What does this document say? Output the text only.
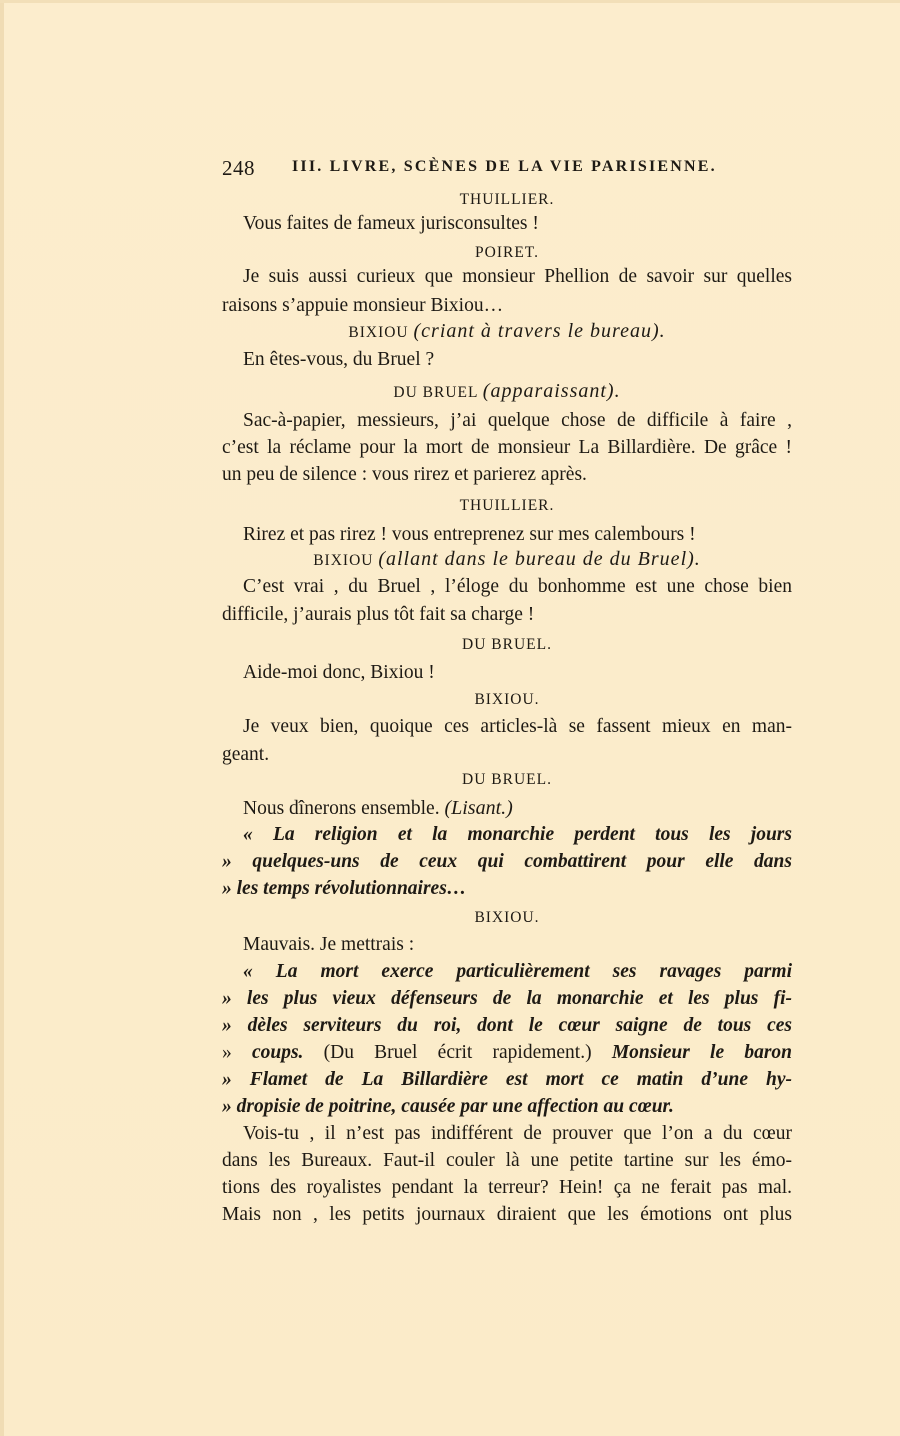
248 III. LIVRE, SCÈNES DE LA VIE PARISIENNE.
THUILLIER.
Vous faites de fameux jurisconsultes !
POIRET.
Je suis aussi curieux que monsieur Phellion de savoir sur quelles
raisons s’appuie monsieur Bixiou…
BIXIOU (criant à travers le bureau).
En êtes-vous, du Bruel ?
DU BRUEL (apparaissant).
Sac-à-papier, messieurs, j’ai quelque chose de difficile à faire ,
c’est la réclame pour la mort de monsieur La Billardière. De grâce !
un peu de silence : vous rirez et parierez après.
THUILLIER.
Rirez et pas rirez ! vous entreprenez sur mes calembours !
BIXIOU (allant dans le bureau de du Bruel).
C’est vrai , du Bruel , l’éloge du bonhomme est une chose bien
difficile, j’aurais plus tôt fait sa charge !
DU BRUEL.
Aide-moi donc, Bixiou !
BIXIOU.
Je veux bien, quoique ces articles-là se fassent mieux en man-
geant.
DU BRUEL.
Nous dînerons ensemble. (Lisant.)
« La religion et la monarchie perdent tous les jours
» quelques-uns de ceux qui combattirent pour elle dans
» les temps révolutionnaires…
BIXIOU.
Mauvais. Je mettrais :
« La mort exerce particulièrement ses ravages parmi
» les plus vieux défenseurs de la monarchie et les plus fi-
» dèles serviteurs du roi, dont le cœur saigne de tous ces
» coups. (Du Bruel écrit rapidement.) Monsieur le baron
» Flamet de La Billardière est mort ce matin d’une hy-
» dropisie de poitrine, causée par une affection au cœur.
Vois-tu , il n’est pas indifférent de prouver que l’on a du cœur
dans les Bureaux. Faut-il couler là une petite tartine sur les émo-
tions des royalistes pendant la terreur? Hein! ça ne ferait pas mal.
Mais non , les petits journaux diraient que les émotions ont plus
